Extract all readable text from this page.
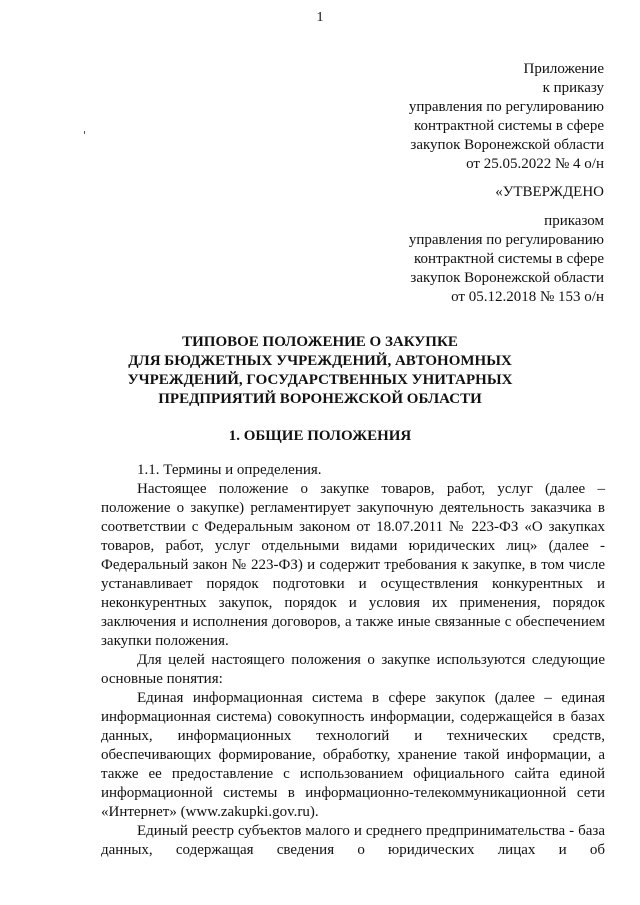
1
Приложение
к приказу
управления по регулированию
контрактной системы в сфере
закупок Воронежской области
от 25.05.2022 № 4 о/н
«УТВЕРЖДЕНО
приказом
управления по регулированию
контрактной системы в сфере
закупок Воронежской области
от 05.12.2018 № 153 о/н
ТИПОВОЕ ПОЛОЖЕНИЕ О ЗАКУПКЕ
ДЛЯ БЮДЖЕТНЫХ УЧРЕЖДЕНИЙ, АВТОНОМНЫХ
УЧРЕЖДЕНИЙ, ГОСУДАРСТВЕННЫХ УНИТАРНЫХ
ПРЕДПРИЯТИЙ ВОРОНЕЖСКОЙ ОБЛАСТИ
1. ОБЩИЕ ПОЛОЖЕНИЯ
1.1. Термины и определения.
Настоящее положение о закупке товаров, работ, услуг (далее – положение о закупке) регламентирует закупочную деятельность заказчика в соответствии с Федеральным законом от 18.07.2011 № 223-ФЗ «О закупках товаров, работ, услуг отдельными видами юридических лиц» (далее - Федеральный закон № 223-ФЗ) и содержит требования к закупке, в том числе устанавливает порядок подготовки и осуществления конкурентных и неконкурентных закупок, порядок и условия их применения, порядок заключения и исполнения договоров, а также иные связанные с обеспечением закупки положения.
Для целей настоящего положения о закупке используются следующие основные понятия:
Единая информационная система в сфере закупок (далее – единая информационная система) совокупность информации, содержащейся в базах данных, информационных технологий и технических средств, обеспечивающих формирование, обработку, хранение такой информации, а также ее предоставление с использованием официального сайта единой информационной системы в информационно-телекоммуникационной сети «Интернет» (www.zakupki.gov.ru).
Единый реестр субъектов малого и среднего предпринимательства - база данных, содержащая сведения о юридических лицах и об
